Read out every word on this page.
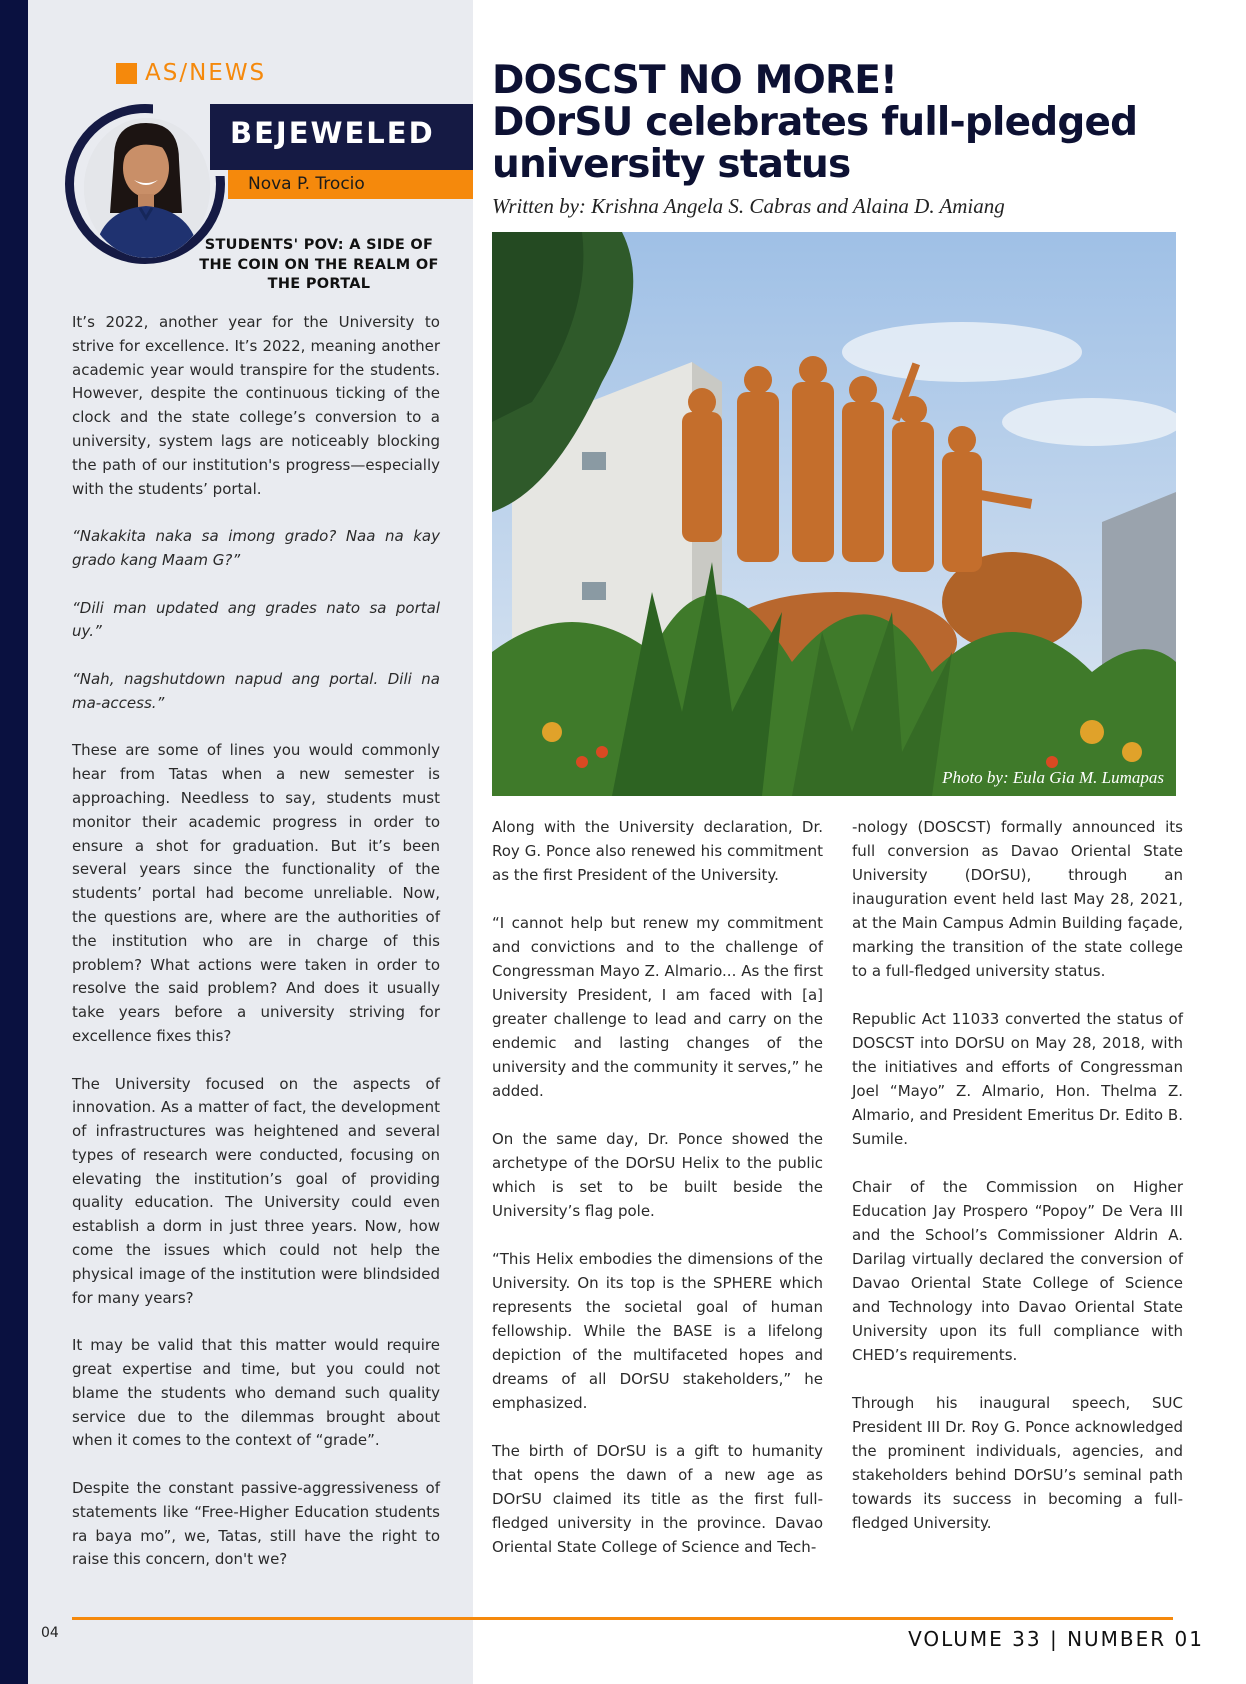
AS/NEWS
BEJEWELED
Nova P. Trocio
STUDENTS' POV: A SIDE OF THE COIN ON THE REALM OF THE PORTAL

It’s 2022, another year for the University to strive for excellence. It’s 2022, meaning another academic year would transpire for the students. However, despite the continuous ticking of the clock and the state college’s conversion to a university, system lags are noticeably blocking the path of our institution's progress—especially with the students’ portal.

“Nakakita naka sa imong grado? Naa na kay grado kang Maam G?”

“Dili man updated ang grades nato sa portal uy.”

“Nah, nagshutdown napud ang portal. Dili na ma-access.”

These are some of lines you would commonly hear from Tatas when a new semester is approaching. Needless to say, students must monitor their academic progress in order to ensure a shot for graduation. But it’s been several years since the functionality of the students’ portal had become unreliable. Now, the questions are, where are the authorities of the institution who are in charge of this problem? What actions were taken in order to resolve the said problem? And does it usually take years before a university striving for excellence fixes this?

The University focused on the aspects of innovation. As a matter of fact, the development of infrastructures was heightened and several types of research were conducted, focusing on elevating the institution’s goal of providing quality education. The University could even establish a dorm in just three years. Now, how come the issues which could not help the physical image of the institution were blindsided for many years?

It may be valid that this matter would require great expertise and time, but you could not blame the students who demand such quality service due to the dilemmas brought about when it comes to the context of “grade”.

Despite the constant passive-aggressiveness of statements like “Free-Higher Education students ra baya mo”, we, Tatas, still have the right to raise this concern, don't we?

DOSCST NO MORE!
DOrSU celebrates full-pledged
university status
Written by: Krishna Angela S. Cabras and Alaina D. Amiang
Photo by: Eula Gia M. Lumapas

Along with the University declaration, Dr. Roy G. Ponce also renewed his commitment as the first President of the University.

“I cannot help but renew my commitment and convictions and to the challenge of Congressman Mayo Z. Almario... As the first University President, I am faced with [a] greater challenge to lead and carry on the endemic and lasting changes of the university and the community it serves,” he added.

On the same day, Dr. Ponce showed the archetype of the DOrSU Helix to the public which is set to be built beside the University’s flag pole.

“This Helix embodies the dimensions of the University. On its top is the SPHERE which represents the societal goal of human fellowship. While the BASE is a lifelong depiction of the multifaceted hopes and dreams of all DOrSU stakeholders,” he emphasized.

The birth of DOrSU is a gift to humanity that opens the dawn of a new age as DOrSU claimed its title as the first full-fledged university in the province. Davao Oriental State College of Science and Tech-

-nology (DOSCST) formally announced its full conversion as Davao Oriental State University (DOrSU), through an inauguration event held last May 28, 2021, at the Main Campus Admin Building façade, marking the transition of the state college to a full-fledged university status.

Republic Act 11033 converted the status of DOSCST into DOrSU on May 28, 2018, with the initiatives and efforts of Congressman Joel “Mayo” Z. Almario, Hon. Thelma Z. Almario, and President Emeritus Dr. Edito B. Sumile.

Chair of the Commission on Higher Education Jay Prospero “Popoy” De Vera III and the School’s Commissioner Aldrin A. Darilag virtually declared the conversion of Davao Oriental State College of Science and Technology into Davao Oriental State University upon its full compliance with CHED’s requirements.

Through his inaugural speech, SUC President III Dr. Roy G. Ponce acknowledged the prominent individuals, agencies, and stakeholders behind DOrSU’s seminal path towards its success in becoming a full-fledged University.

04	VOLUME 33 | NUMBER 01
